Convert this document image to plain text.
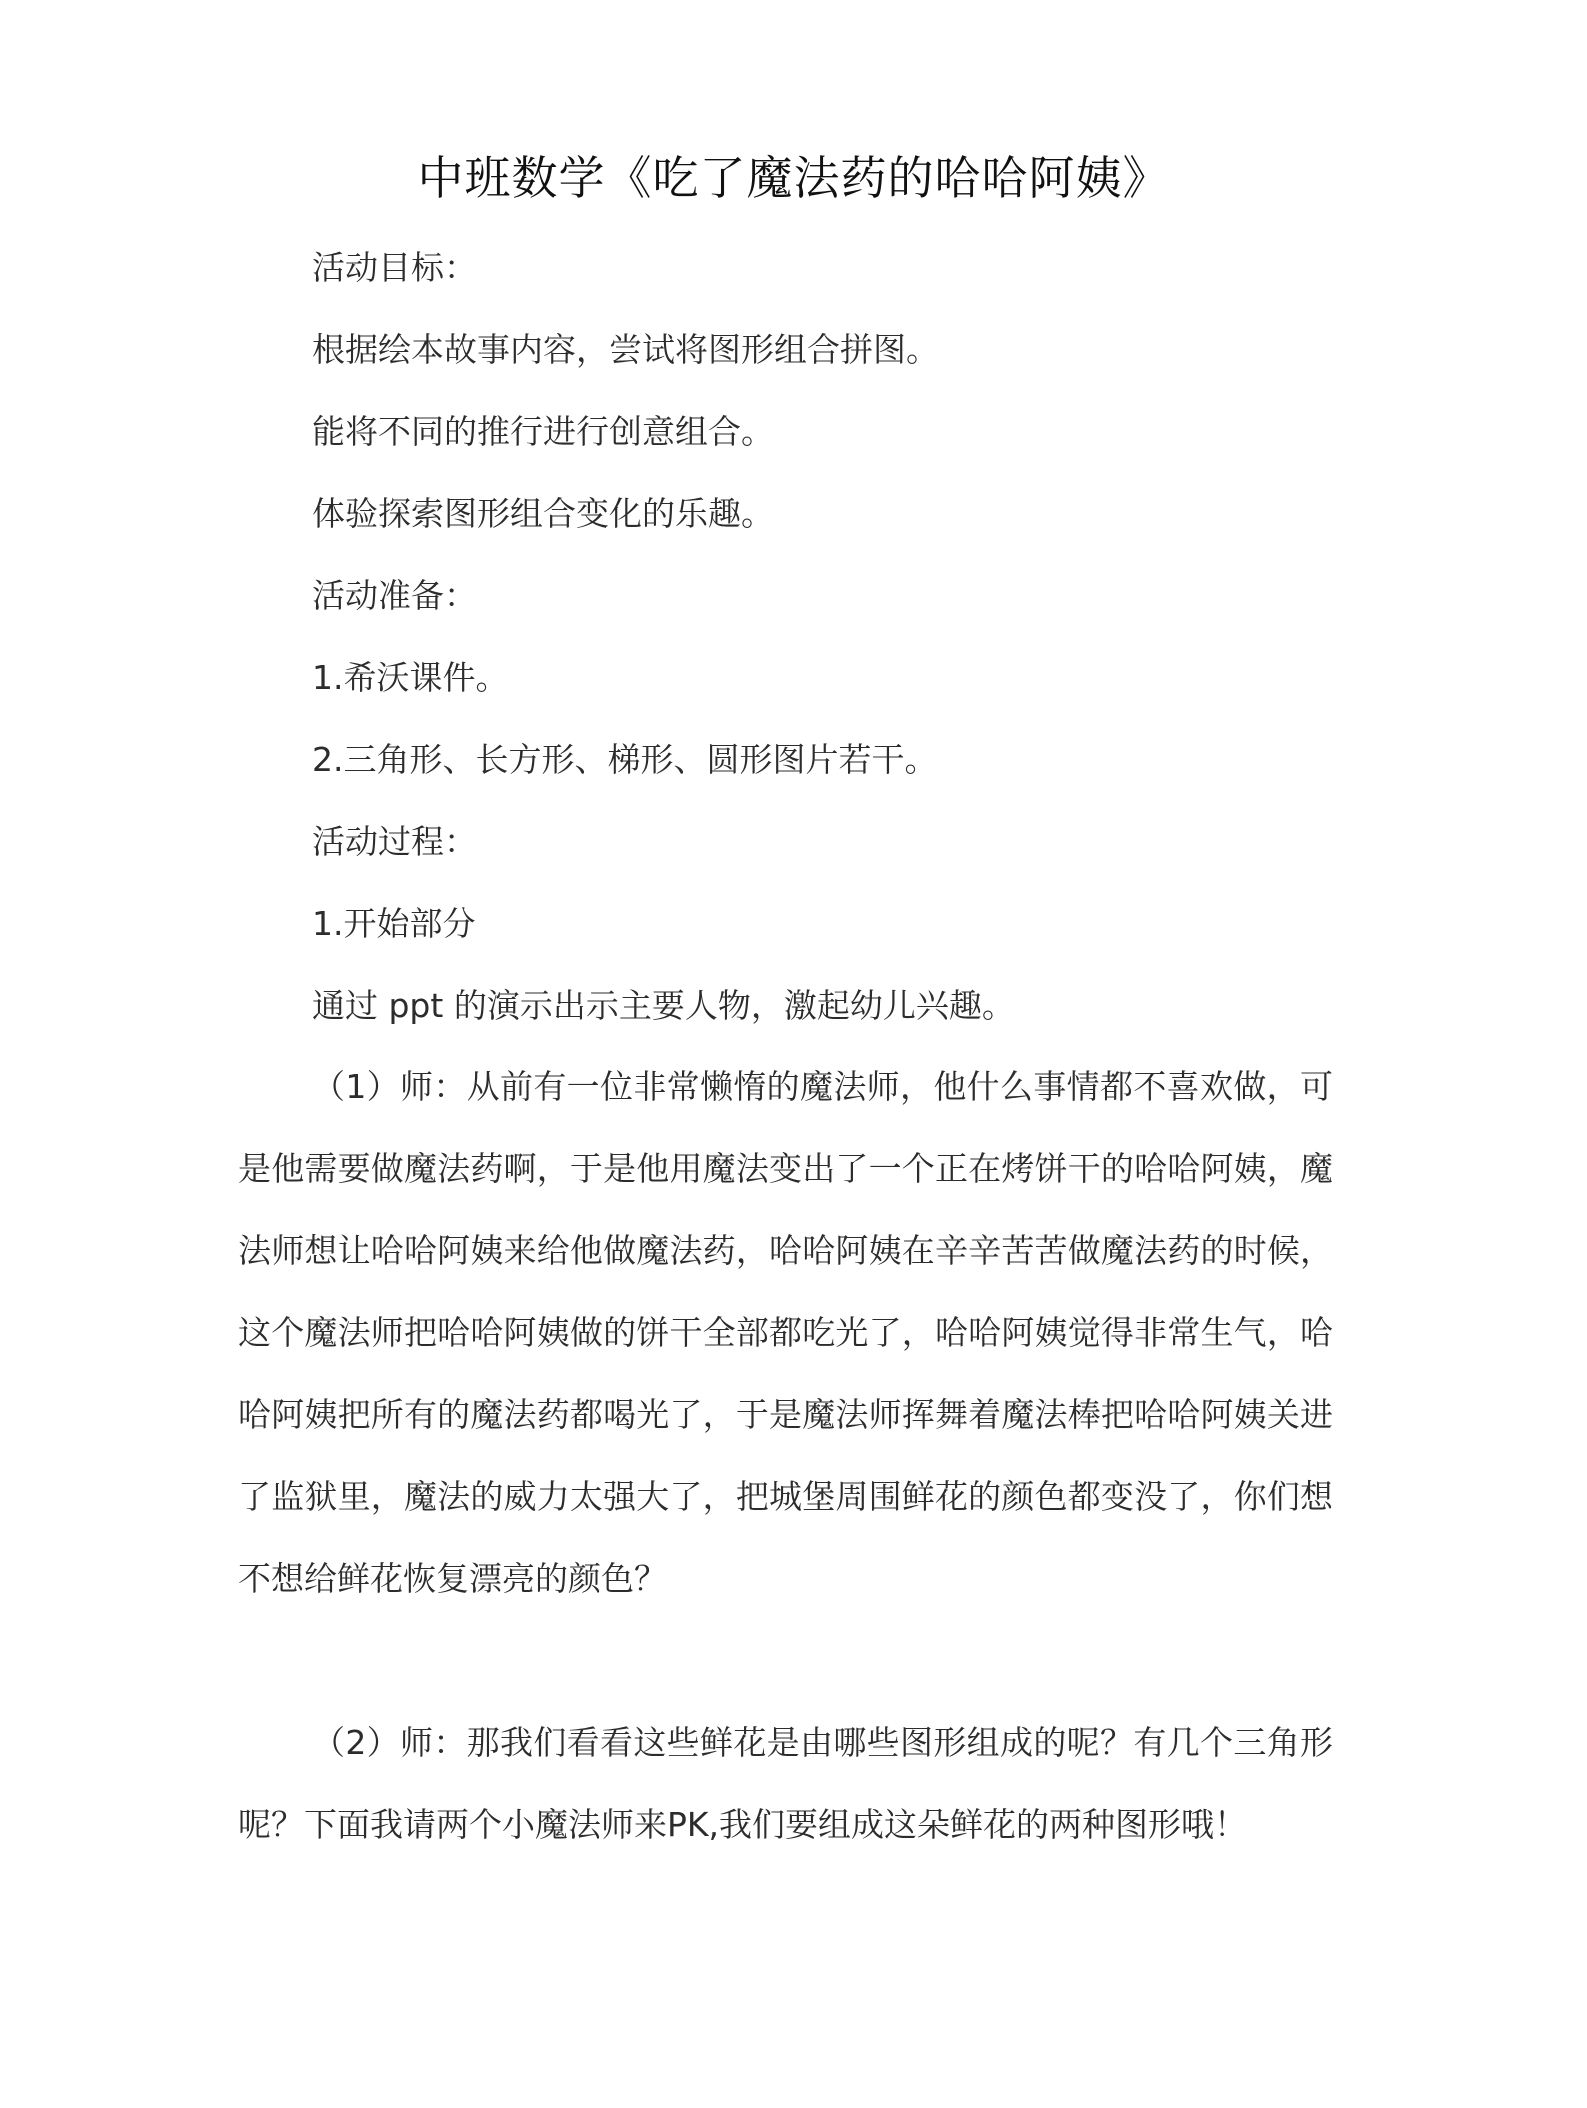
中班数学《吃了魔法药的哈哈阿姨》
活动目标：
根据绘本故事内容，尝试将图形组合拼图。
能将不同的推行进行创意组合。
体验探索图形组合变化的乐趣。
活动准备：
1.希沃课件。
2.三角形、长方形、梯形、圆形图片若干。
活动过程：
1.开始部分
通过 ppt 的演示出示主要人物，激起幼儿兴趣。
（1）师：从前有一位非常懒惰的魔法师，他什么事情都不喜欢做，可是他需要做魔法药啊，于是他用魔法变出了一个正在烤饼干的哈哈阿姨，魔法师想让哈哈阿姨来给他做魔法药，哈哈阿姨在辛辛苦苦做魔法药的时候，这个魔法师把哈哈阿姨做的饼干全部都吃光了，哈哈阿姨觉得非常生气，哈哈阿姨把所有的魔法药都喝光了，于是魔法师挥舞着魔法棒把哈哈阿姨关进了监狱里，魔法的威力太强大了，把城堡周围鲜花的颜色都变没了，你们想不想给鲜花恢复漂亮的颜色？
（2）师：那我们看看这些鲜花是由哪些图形组成的呢？有几个三角形呢？下面我请两个小魔法师来PK,我们要组成这朵鲜花的两种图形哦！
